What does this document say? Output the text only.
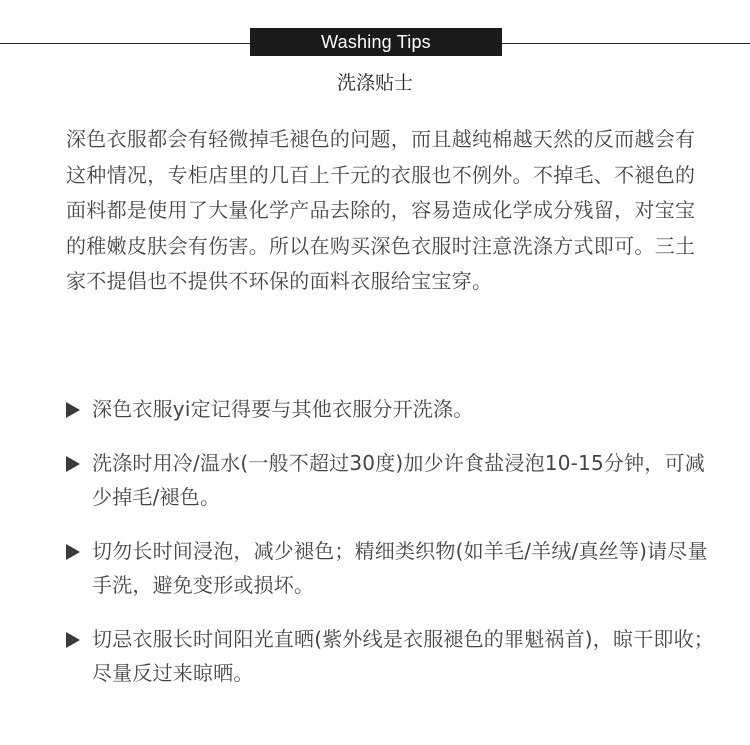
Washing Tips
洗涤贴士

深色衣服都会有轻微掉毛褪色的问题，而且越纯棉越天然的反而越会有这种情况，专柜店里的几百上千元的衣服也不例外。不掉毛、不褪色的面料都是使用了大量化学产品去除的，容易造成化学成分残留，对宝宝的稚嫩皮肤会有伤害。所以在购买深色衣服时注意洗涤方式即可。三土家不提倡也不提供不环保的面料衣服给宝宝穿。

深色衣服yi定记得要与其他衣服分开洗涤。
洗涤时用冷/温水(一般不超过30度)加少许食盐浸泡10-15分钟，可减少掉毛/褪色。
切勿长时间浸泡，减少褪色；精细类织物(如羊毛/羊绒/真丝等)请尽量手洗，避免变形或损坏。
切忌衣服长时间阳光直晒(紫外线是衣服褪色的罪魁祸首)，晾干即收；尽量反过来晾晒。
